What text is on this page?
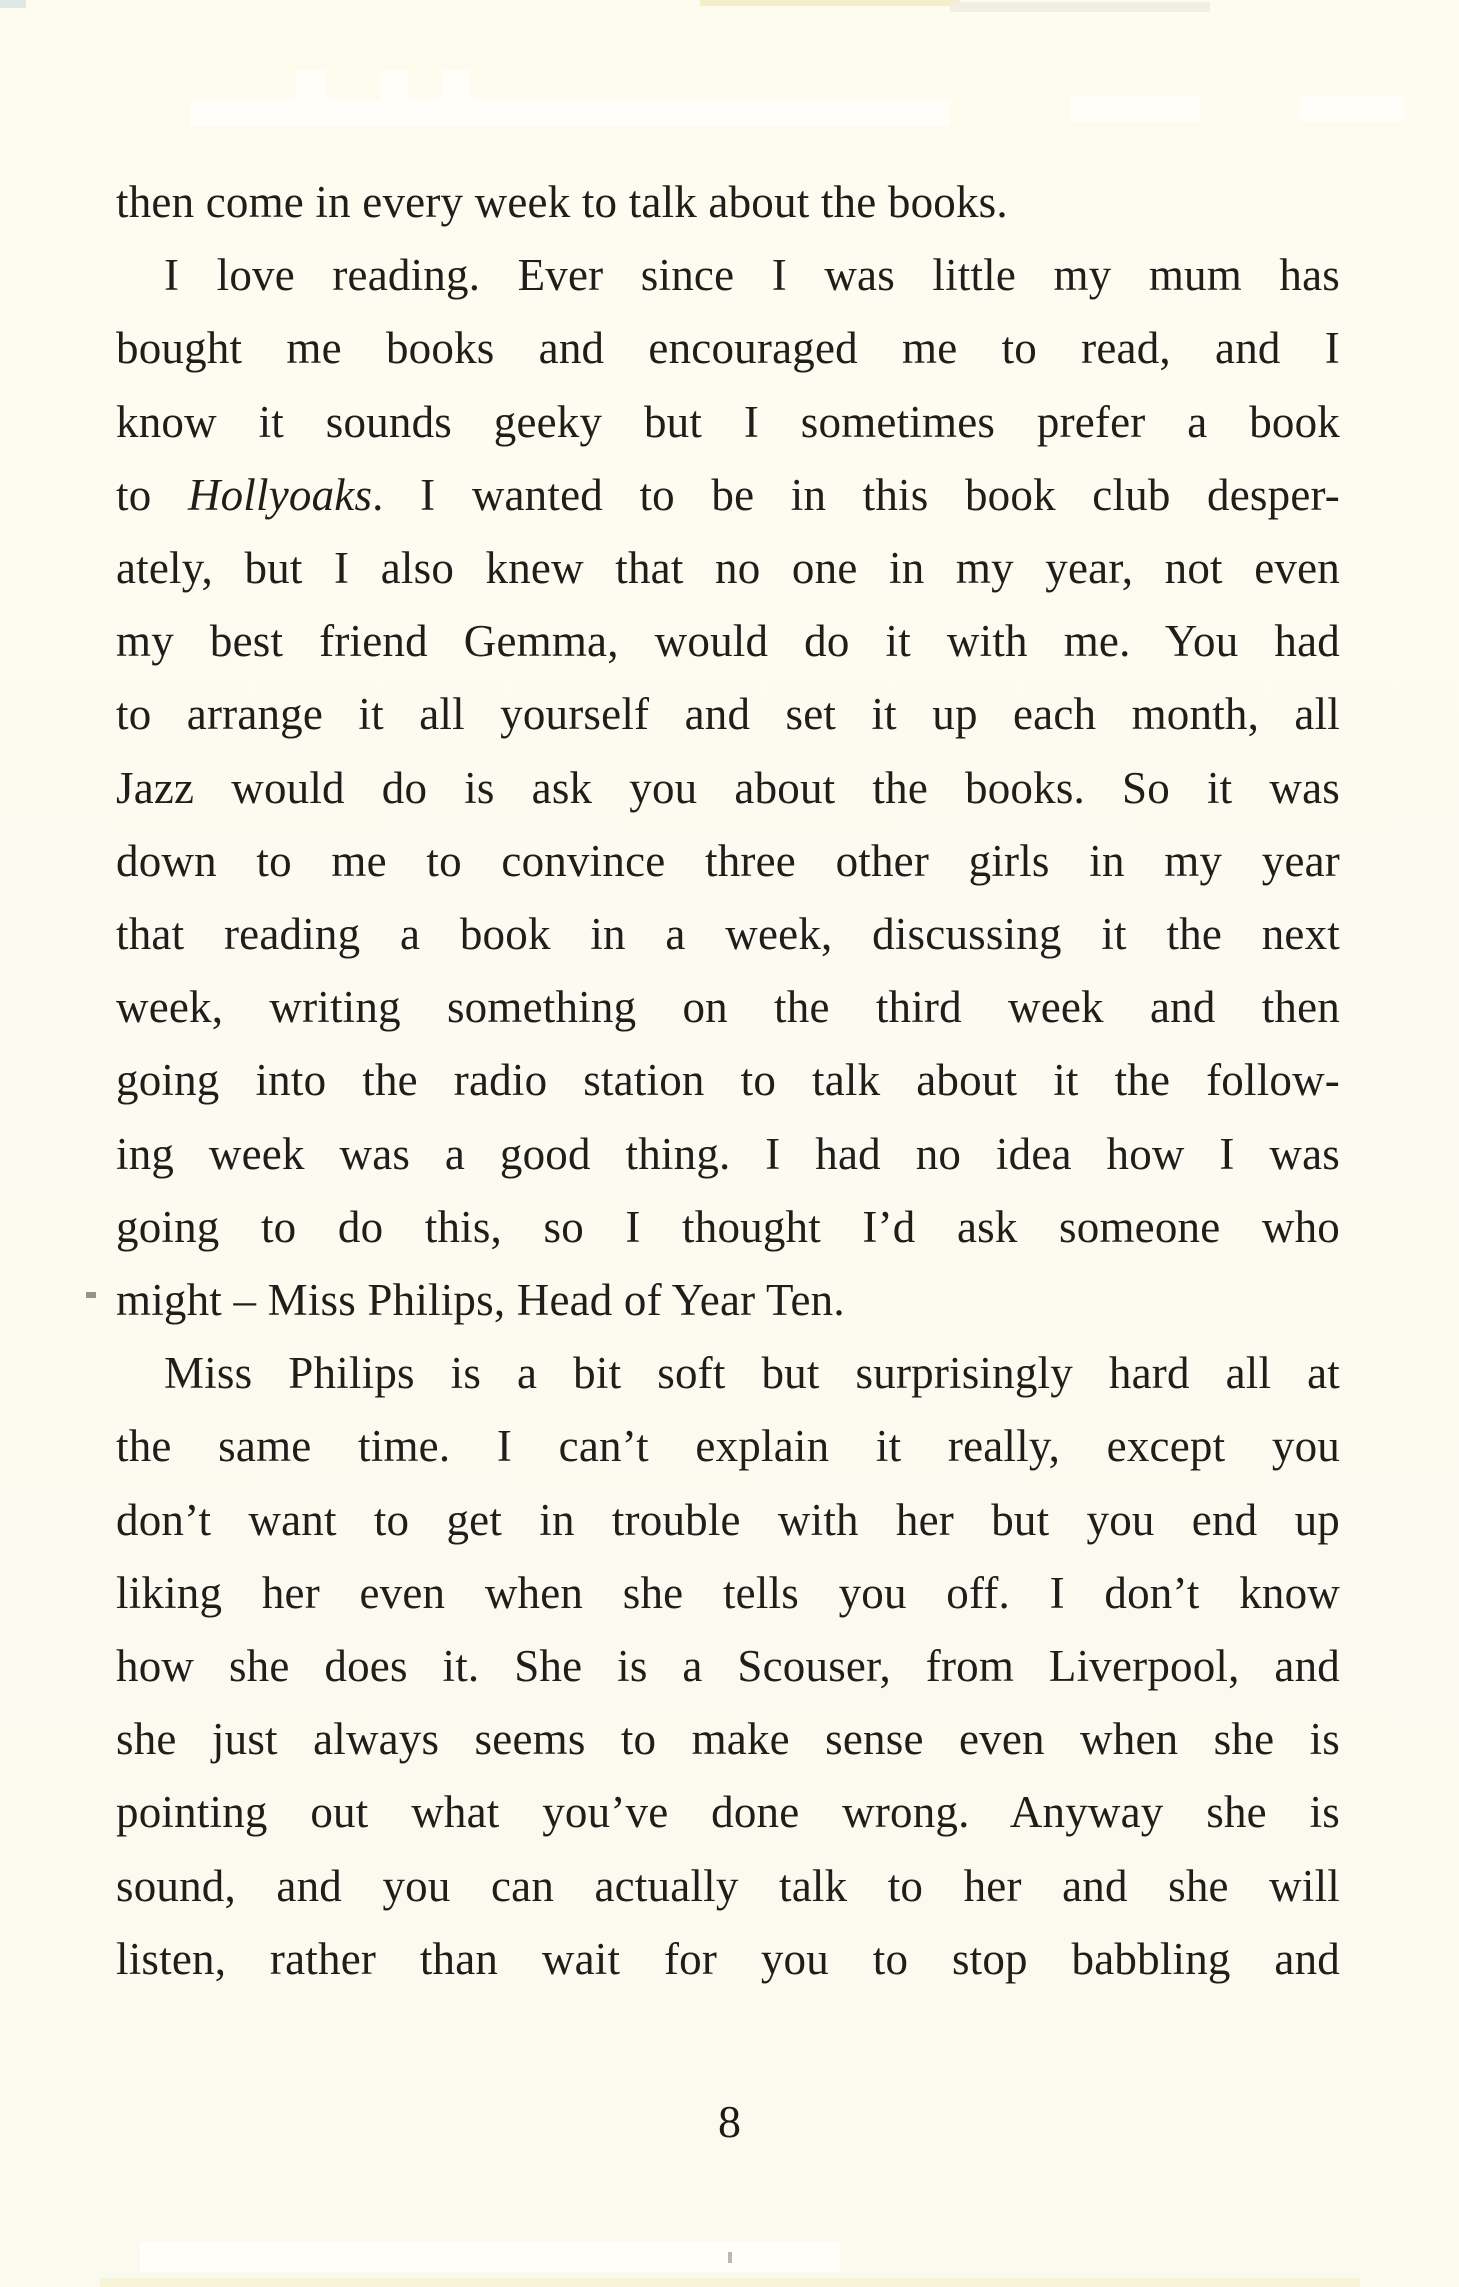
then come in every week to talk about the books.
I love reading. Ever since I was little my mum has
bought me books and encouraged me to read, and I
know it sounds geeky but I sometimes prefer a book
to Hollyoaks. I wanted to be in this book club desper-
ately, but I also knew that no one in my year, not even
my best friend Gemma, would do it with me. You had
to arrange it all yourself and set it up each month, all
Jazz would do is ask you about the books. So it was
down to me to convince three other girls in my year
that reading a book in a week, discussing it the next
week, writing something on the third week and then
going into the radio station to talk about it the follow-
ing week was a good thing. I had no idea how I was
going to do this, so I thought I’d ask someone who
might – Miss Philips, Head of Year Ten.
Miss Philips is a bit soft but surprisingly hard all at
the same time. I can’t explain it really, except you
don’t want to get in trouble with her but you end up
liking her even when she tells you off. I don’t know
how she does it. She is a Scouser, from Liverpool, and
she just always seems to make sense even when she is
pointing out what you’ve done wrong. Anyway she is
sound, and you can actually talk to her and she will
listen, rather than wait for you to stop babbling and
8
